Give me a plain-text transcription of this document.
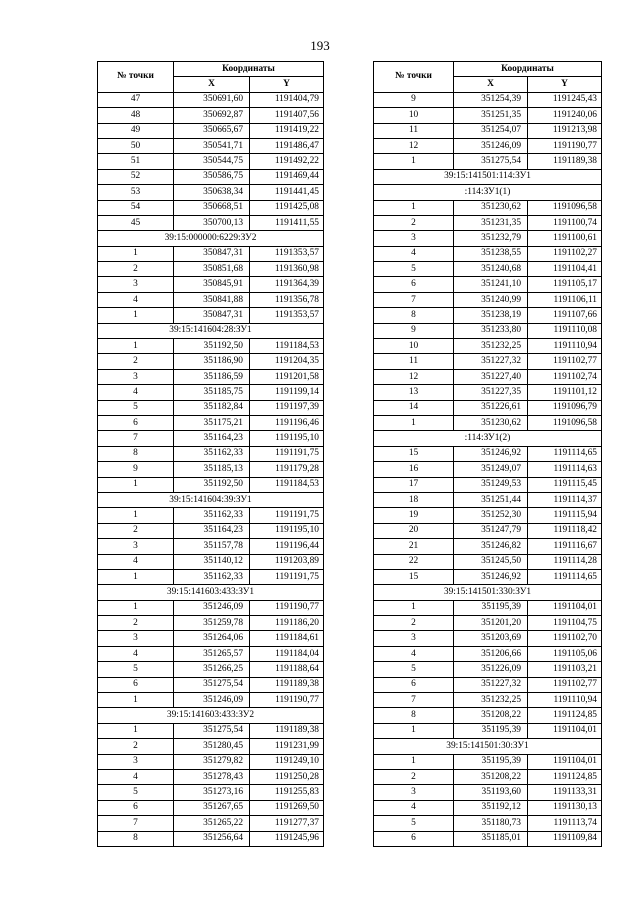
193
№ точки	Координаты	
	X	Y
47	350691,60	1191404,79
48	350692,87	1191407,56
49	350665,67	1191419,22
50	350541,71	1191486,47
51	350544,75	1191492,22
52	350586,75	1191469,44
53	350638,34	1191441,45
54	350668,51	1191425,08
45	350700,13	1191411,55
39:15:000000:6229:ЗУ2		
1	350847,31	1191353,57
2	350851,68	1191360,98
3	350845,91	1191364,39
4	350841,88	1191356,78
1	350847,31	1191353,57
39:15:141604:28:ЗУ1		
1	351192,50	1191184,53
2	351186,90	1191204,35
3	351186,59	1191201,58
4	351185,75	1191199,14
5	351182,84	1191197,39
6	351175,21	1191196,46
7	351164,23	1191195,10
8	351162,33	1191191,75
9	351185,13	1191179,28
1	351192,50	1191184,53
39:15:141604:39:ЗУ1		
1	351162,33	1191191,75
2	351164,23	1191195,10
3	351157,78	1191196,44
4	351140,12	1191203,89
1	351162,33	1191191,75
39:15:141603:433:ЗУ1		
1	351246,09	1191190,77
2	351259,78	1191186,20
3	351264,06	1191184,61
4	351265,57	1191184,04
5	351266,25	1191188,64
6	351275,54	1191189,38
1	351246,09	1191190,77
39:15:141603:433:ЗУ2		
1	351275,54	1191189,38
2	351280,45	1191231,99
3	351279,82	1191249,10
4	351278,43	1191250,28
5	351273,16	1191255,83
6	351267,65	1191269,50
7	351265,22	1191277,37
8	351256,64	1191245,96
№ точки	Координаты	
	X	Y
9	351254,39	1191245,43
10	351251,35	1191240,06
11	351254,07	1191213,98
12	351246,09	1191190,77
1	351275,54	1191189,38
39:15:141501:114:ЗУ1		
:114:ЗУ1(1)		
1	351230,62	1191096,58
2	351231,35	1191100,74
3	351232,79	1191100,61
4	351238,55	1191102,27
5	351240,68	1191104,41
6	351241,10	1191105,17
7	351240,99	1191106,11
8	351238,19	1191107,66
9	351233,80	1191110,08
10	351232,25	1191110,94
11	351227,32	1191102,77
12	351227,40	1191102,74
13	351227,35	1191101,12
14	351226,61	1191096,79
1	351230,62	1191096,58
:114:ЗУ1(2)		
15	351246,92	1191114,65
16	351249,07	1191114,63
17	351249,53	1191115,45
18	351251,44	1191114,37
19	351252,30	1191115,94
20	351247,79	1191118,42
21	351246,82	1191116,67
22	351245,50	1191114,28
15	351246,92	1191114,65
39:15:141501:330:ЗУ1		
1	351195,39	1191104,01
2	351201,20	1191104,75
3	351203,69	1191102,70
4	351206,66	1191105,06
5	351226,09	1191103,21
6	351227,32	1191102,77
7	351232,25	1191110,94
8	351208,22	1191124,85
1	351195,39	1191104,01
39:15:141501:30:ЗУ1		
1	351195,39	1191104,01
2	351208,22	1191124,85
3	351193,60	1191133,31
4	351192,12	1191130,13
5	351180,73	1191113,74
6	351185,01	1191109,84
